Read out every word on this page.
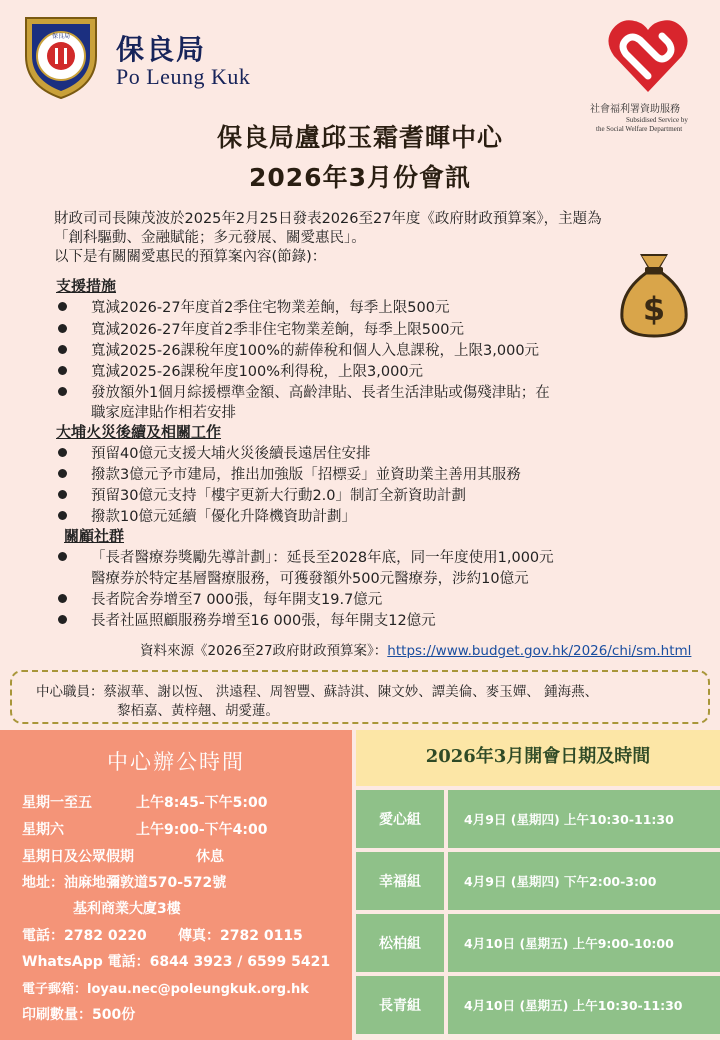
保良局 保良局
Po Leung Kuk
社會福利署資助服務
Subsidised Service by
the Social Welfare Department
保良局盧邱玉霜耆暉中心
2026年3月份會訊
財政司司長陳茂波於2025年2月25日發表2026至27年度《政府財政預算案》，主題為
「創科驅動、金融賦能；多元發展、關愛惠民」。
以下是有關關愛惠民的預算案內容(節錄)：
$
支援措施
寬減2026-27年度首2季住宅物業差餉，每季上限500元
寬減2026-27年度首2季非住宅物業差餉，每季上限500元
寬減2025-26課稅年度100%的薪俸稅和個人入息課稅，上限3,000元
寬減2025-26課稅年度100%利得稅，上限3,000元
發放額外1個月綜援標準金額、高齡津貼、長者生活津貼或傷殘津貼；在
職家庭津貼作相若安排
大埔火災後續及相關工作
預留40億元支援大埔火災後續長遠居住安排
撥款3億元予市建局，推出加強版「招標妥」並資助業主善用其服務
預留30億元支持「樓宇更新大行動2.0」制訂全新資助計劃
撥款10億元延續「優化升降機資助計劃」
關顧社群
「長者醫療券獎勵先導計劃」：延長至2028年底，同一年度使用1,000元
醫療券於特定基層醫療服務，可獲發額外500元醫療券，涉約10億元
長者院舍券增至7 000張，每年開支19.7億元
長者社區照顧服務券增至16 000張，每年開支12億元
資料來源《2026至27政府財政預算案》：https://www.budget.gov.hk/2026/chi/sm.html
中心職員：蔡淑華、謝以恆、 洪遠程、周智豐、蘇詩淇、陳文妙、譚美倫、麥玉嬋、 鍾海燕、
黎栢嘉、黃梓翹、胡愛蓮。
中心辦公時間
星期一至五	上午8:45-下午5:00
星期六	上午9:00-下午4:00
星期日及公眾假期	休息
地址：油麻地彌敦道570-572號
基利商業大廈3樓
電話：2782 0220 傳真：2782 0115
WhatsApp 電話：6844 3923 / 6599 5421
電子郵箱：loyau.nec@poleungkuk.org.hk
印刷數量：500份
2026年3月開會日期及時間
愛心組	4月9日 (星期四) 上午10:30-11:30
幸福組	4月9日 (星期四) 下午2:00-3:00
松柏組	4月10日 (星期五) 上午9:00-10:00
長青組	4月10日 (星期五) 上午10:30-11:30
